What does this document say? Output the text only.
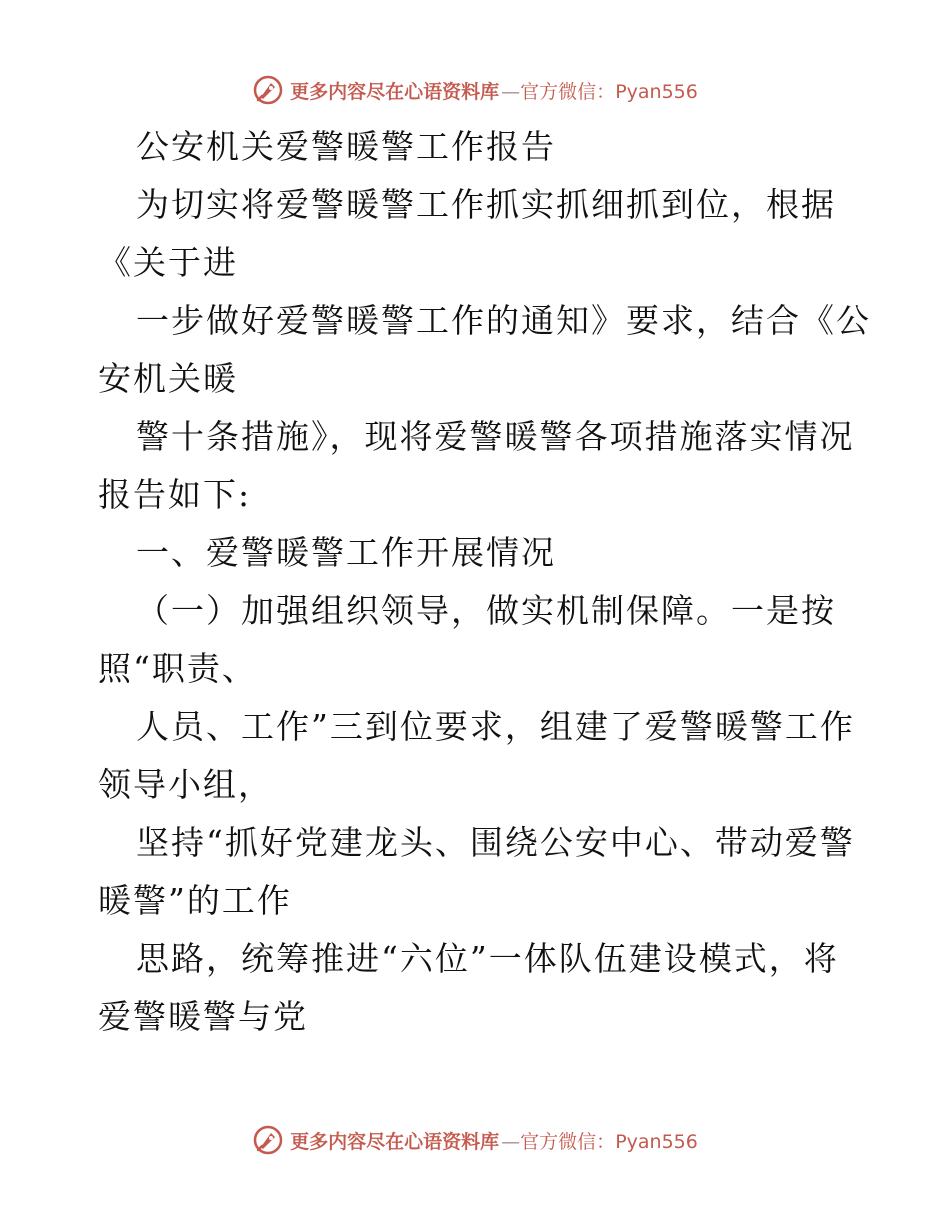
更多内容尽在心语资料库 —官方微信：Pyan556

公安机关爱警暖警工作报告

为切实将爱警暖警工作抓实抓细抓到位，根据

《关于进

一步做好爱警暖警工作的通知》要求，结合《公

安机关暖

警十条措施》，现将爱警暖警各项措施落实情况

报告如下:

一、爱警暖警工作开展情况

（一）加强组织领导，做实机制保障。一是按

照“职责、

人员、工作”三到位要求，组建了爱警暖警工作

领导小组，

坚持“抓好党建龙头、围绕公安中心、带动爱警

暖警”的工作

思路，统筹推进“六位”一体队伍建设模式，将

爱警暖警与党

更多内容尽在心语资料库 —官方微信：Pyan556
